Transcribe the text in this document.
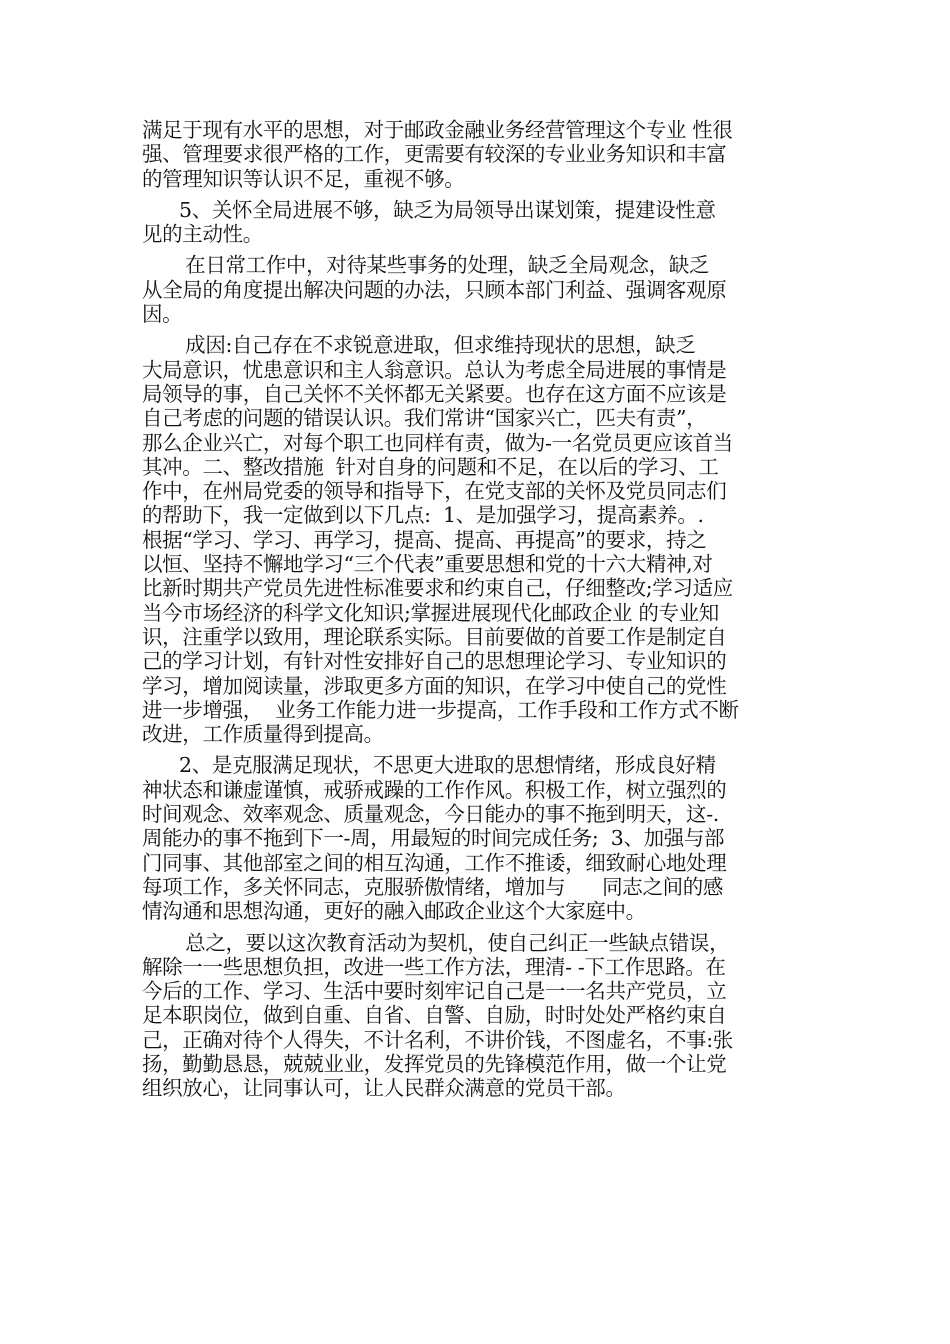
满足于现有水平的思想，对于邮政金融业务经营管理这个专业 性很
强、管理要求很严格的工作，更需要有较深的专业业务知识和丰富
的管理知识等认识不足，重视不够。
5、关怀全局进展不够，缺乏为局领导出谋划策，提建设性意
见的主动性。
在日常工作中，对待某些事务的处理，缺乏全局观念，缺乏
从全局的角度提出解决问题的办法，只顾本部门利益、强调客观原
因。
成因:自己存在不求锐意进取，但求维持现状的思想，缺乏
大局意识，忧患意识和主人翁意识。总认为考虑全局进展的事情是
局领导的事，自己关怀不关怀都无关紧要。也存在这方面不应该是
自己考虑的问题的错误认识。我们常讲“国家兴亡，匹夫有责”，
那么企业兴亡，对每个职工也同样有责，做为-一名党员更应该首当
其冲。二、整改措施  针对自身的问题和不足，在以后的学习、工
作中，在州局党委的领导和指导下，在党支部的关怀及党员同志们
的帮助下，我一定做到以下几点:  1、是加强学习，提高素养。.
根据“学习、学习、再学习，提高、提高、再提高”的要求，持之
以恒、坚持不懈地学习“三个代表”重要思想和党的十六大精神,对
比新时期共产党员先进性标准要求和约束自己，仔细整改;学习适应
当今市场经济的科学文化知识;掌握进展现代化邮政企业 的专业知
识，注重学以致用，理论联系实际。目前要做的首要工作是制定自
己的学习计划，有针对性安排好自己的思想理论学习、专业知识的
学习，增加阅读量，涉取更多方面的知识，在学习中使自己的党性
进一步增强，  业务工作能力进一步提高，工作手段和工作方式不断
改进，工作质量得到提高。
2、是克服满足现状，不思更大进取的思想情绪，形成良好精
神状态和谦虚谨慎，戒骄戒躁的工作作风。积极工作，树立强烈的
时间观念、效率观念、质量观念，今日能办的事不拖到明天，这-.
周能办的事不拖到下一-周，用最短的时间完成任务;  3、加强与部
门同事、其他部室之间的相互沟通，工作不推诿，细致耐心地处理
每项工作，多关怀同志，克服骄傲情绪，增加与      同志之间的感
情沟通和思想沟通，更好的融入邮政企业这个大家庭中。
总之，要以这次教育活动为契机，使自己纠正一些缺点错误，
解除一一些思想负担，改进一些工作方法，理清- -下工作思路。在
今后的工作、学习、生活中要时刻牢记自己是一一名共产党员，立
足本职岗位，做到自重、自省、自警、自励，时时处处严格约束自
己，正确对待个人得失，不计名利，不讲价钱，不图虚名，不事:张
扬，勤勤恳恳，兢兢业业，发挥党员的先锋模范作用，做一个让党
组织放心，让同事认可，让人民群众满意的党员干部。
